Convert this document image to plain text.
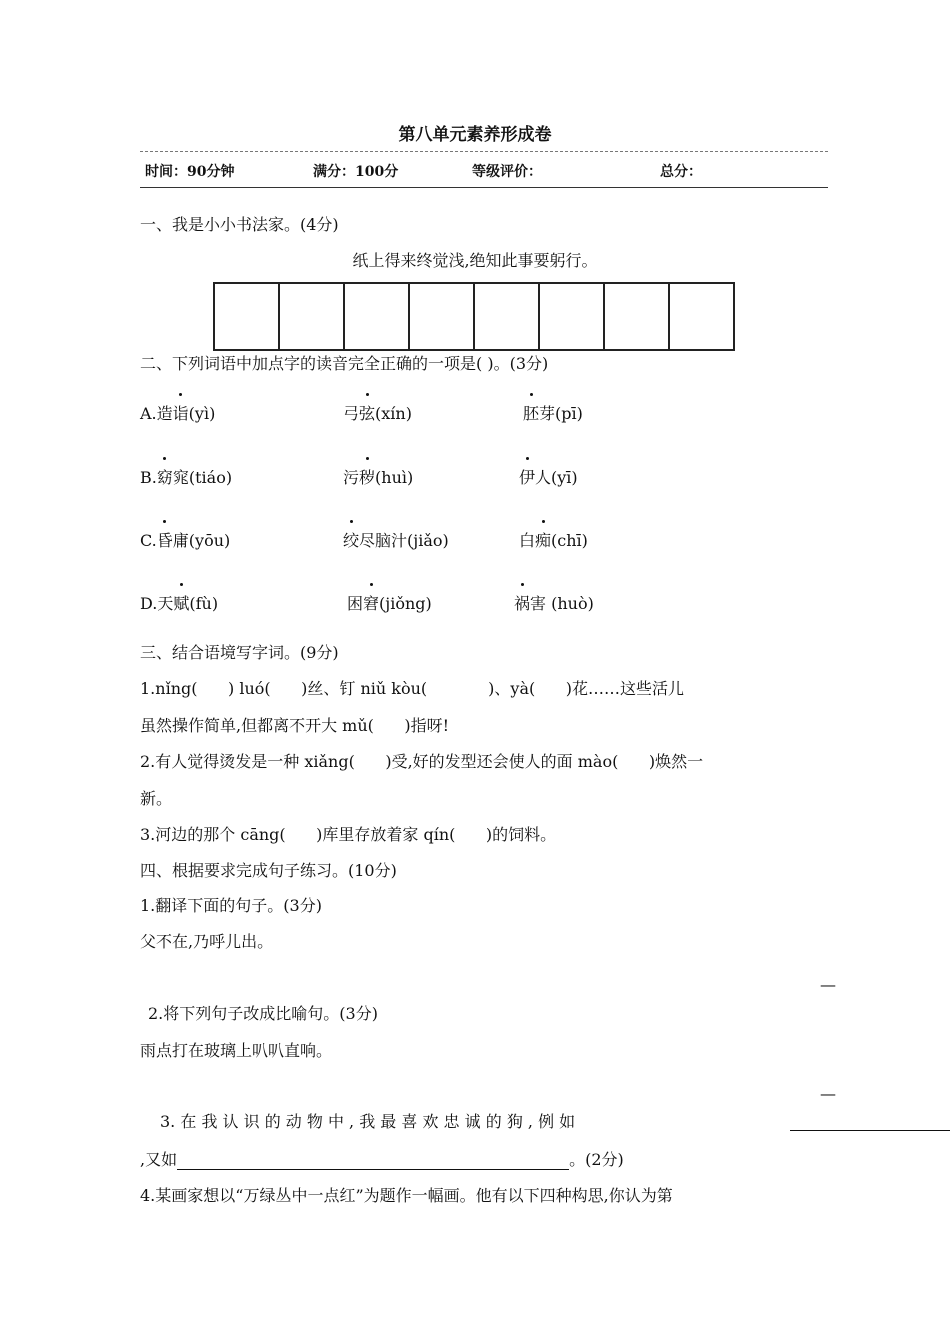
第八单元素养形成卷
时间：90分钟	满分：100分	等级评价：	总分：
一、我是小小书法家。(4分)
纸上得来终觉浅,绝知此事要躬行。
二、下列词语中加点字的读音完全正确的一项是( )。(3分)
A.造诣(yì)	弓弦(xín)	胚芽(pī)
B.窈窕(tiáo)	污秽(huì)	伊人(yī)
C.昏庸(yōu)	绞尽脑汁(jiǎo)	白痴(chī)
D.天赋(fù)	困窘(jiǒng)	祸害 (huò)
三、结合语境写字词。(9分)
1.nǐng(      ) luó(      )丝、钉 niǔ kòu(            )、yà(      )花……这些活儿
虽然操作简单,但都离不开大 mǔ(      )指呀!
2.有人觉得烫发是一种 xiǎng(      )受,好的发型还会使人的面 mào(      )焕然一
新。
3.河边的那个 cāng(      )库里存放着家 qín(      )的饲料。
四、根据要求完成句子练习。(10分)
1.翻译下面的句子。(3分)
父不在,乃呼儿出。
—
2.将下列句子改成比喻句。(3分)
雨点打在玻璃上叭叭直响。
—
3. 在 我 认 识 的 动 物 中 , 我 最 喜 欢 忠 诚 的 狗 , 例 如
,又如	。(2分)
4.某画家想以“万绿丛中一点红”为题作一幅画。他有以下四种构思,你认为第
